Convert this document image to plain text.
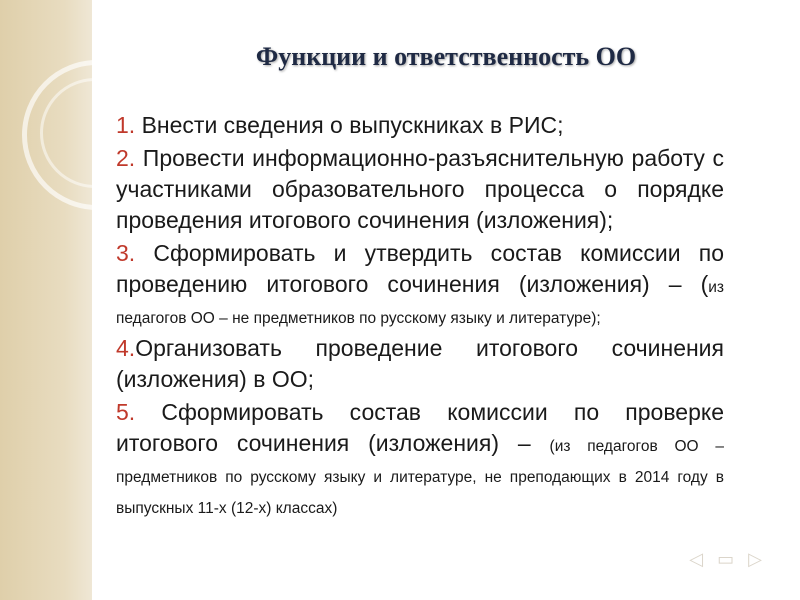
Функции и ответственность ОО
1. Внести сведения о выпускниках в РИС;
2. Провести информационно-разъяснительную работу с участниками образовательного процесса о порядке проведения итогового сочинения (изложения);
3. Сформировать и утвердить состав комиссии по проведению итогового сочинения (изложения) – (из педагогов ОО – не предметников по русскому языку и литературе);
4.Организовать проведение итогового сочинения (изложения) в ОО;
5. Сформировать состав комиссии по проверке итогового сочинения (изложения) – (из педагогов ОО – предметников по русскому языку и литературе, не преподающих в 2014 году в выпускных 11-х (12-х) классах)
◁ ▭ ▷
